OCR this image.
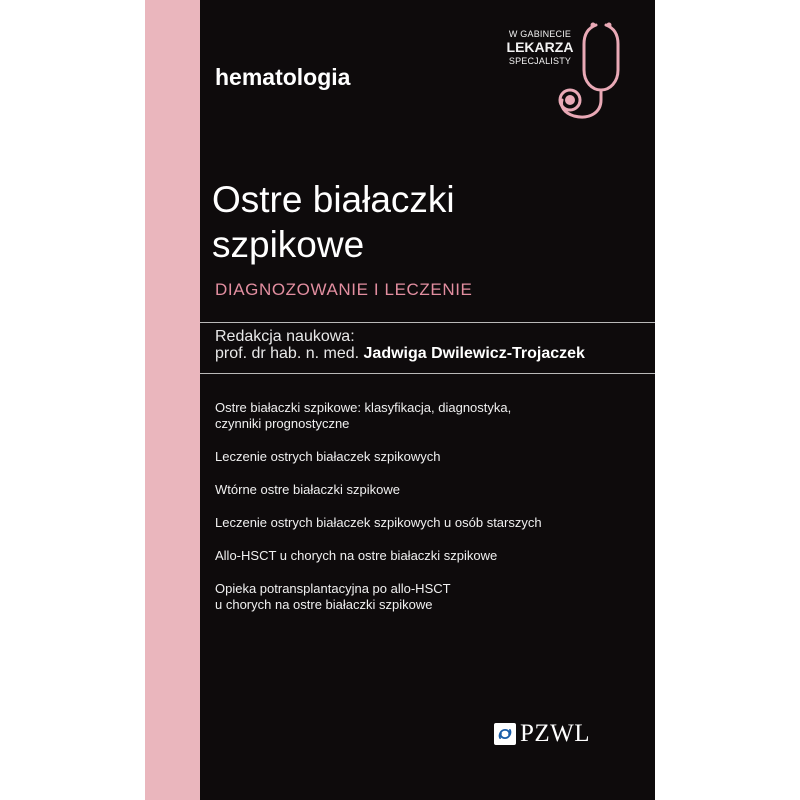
W GABINECIE
LEKARZA
SPECJALISTY
hematologia
Ostre białaczki
szpikowe
DIAGNOZOWANIE I LECZENIE
Redakcja naukowa:
prof. dr hab. n. med. Jadwiga Dwilewicz-Trojaczek
Ostre białaczki szpikowe: klasyfikacja, diagnostyka,
czynniki prognostyczne
Leczenie ostrych białaczek szpikowych
Wtórne ostre białaczki szpikowe
Leczenie ostrych białaczek szpikowych u osób starszych
Allo-HSCT u chorych na ostre białaczki szpikowe
Opieka potransplantacyjna po allo-HSCT
u chorych na ostre białaczki szpikowe
PZWL
